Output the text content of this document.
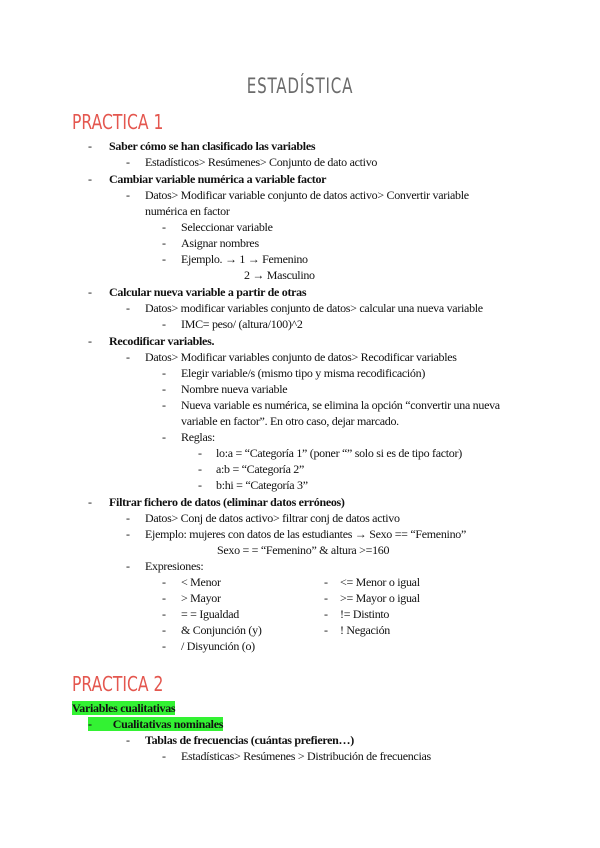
ESTADÍSTICA
PRACTICA 1
- Saber cómo se han clasificado las variables
- Estadísticos> Resúmenes> Conjunto de dato activo
- Cambiar variable numérica a variable factor
- Datos> Modificar variable conjunto de datos activo> Convertir variable
numérica en factor
- Seleccionar variable
- Asignar nombres
- Ejemplo. → 1 → Femenino
2 → Masculino
- Calcular nueva variable a partir de otras
- Datos> modificar variables conjunto de datos> calcular una nueva variable
- IMC= peso/ (altura/100)^2
- Recodificar variables.
- Datos> Modificar variables conjunto de datos> Recodificar variables
- Elegir variable/s (mismo tipo y misma recodificación)
- Nombre nueva variable
- Nueva variable es numérica, se elimina la opción “convertir una nueva
variable en factor”. En otro caso, dejar marcado.
- Reglas:
- lo:a = “Categoría 1” (poner “” solo si es de tipo factor)
- a:b = “Categoría 2”
- b:hi = “Categoría 3”
- Filtrar fichero de datos (eliminar datos erróneos)
- Datos> Conj de datos activo> filtrar conj de datos activo
- Ejemplo: mujeres con datos de las estudiantes → Sexo == “Femenino”
Sexo = = “Femenino” & altura >=160
- Expresiones:
- < Menor
- > Mayor
- = = Igualdad
- & Conjunción (y)
- / Disyunción (o)
- <= Menor o igual
- >= Mayor o igual
- != Distinto
- ! Negación
PRACTICA 2
Variables cualitativas
- Cualitativas nominales
- Tablas de frecuencias (cuántas prefieren…)
- Estadísticas> Resúmenes > Distribución de frecuencias
